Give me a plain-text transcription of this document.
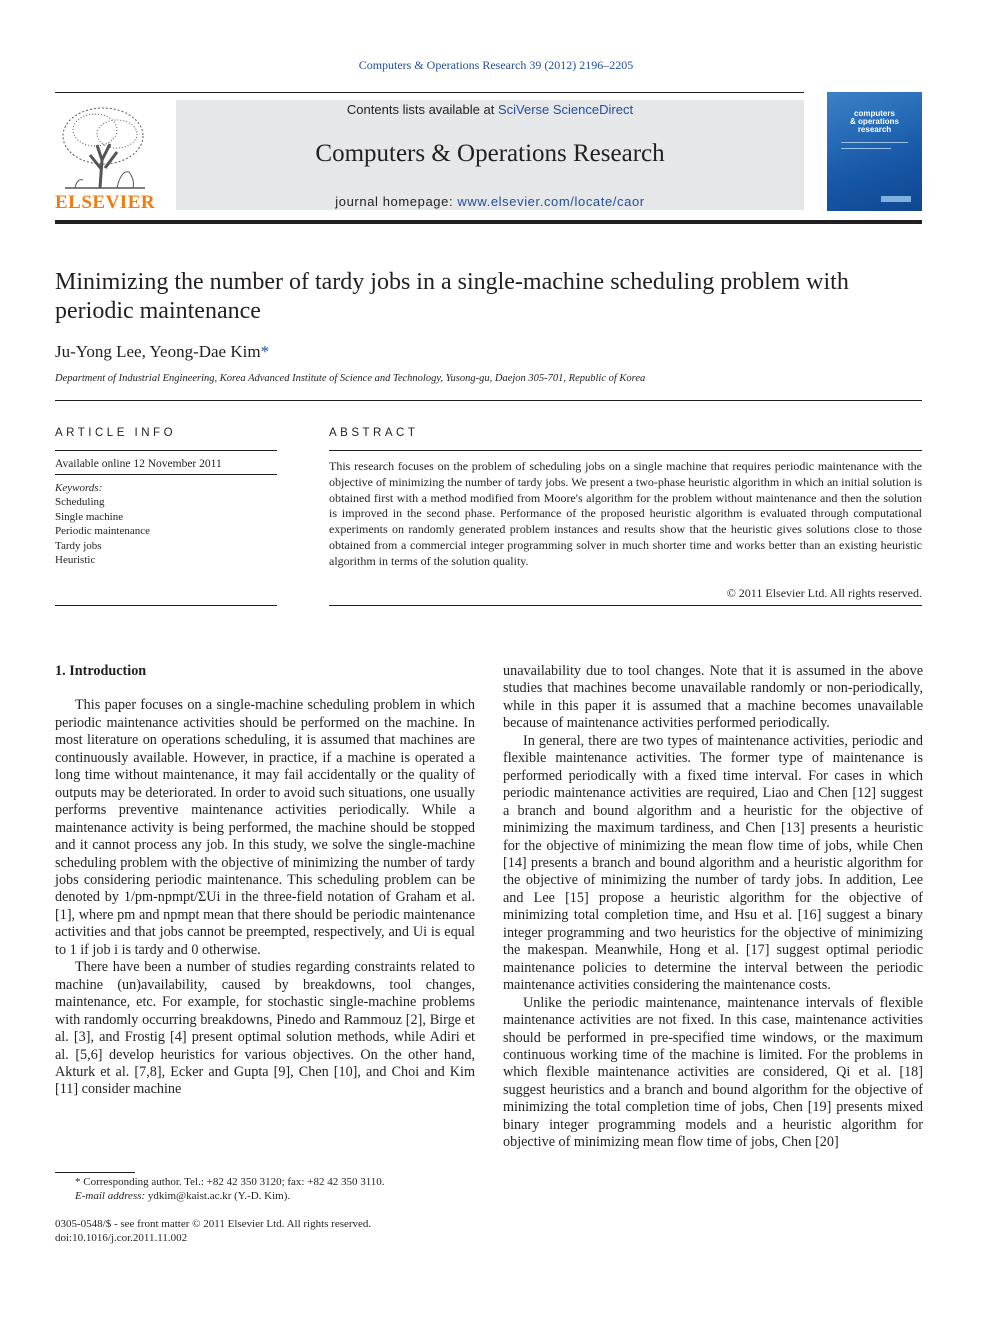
Computers & Operations Research 39 (2012) 2196–2205
ELSEVIER
Contents lists available at SciVerse ScienceDirect
Computers & Operations Research
journal homepage: www.elsevier.com/locate/caor
computers
& operations
research
Minimizing the number of tardy jobs in a single-machine scheduling problem with periodic maintenance
Ju-Yong Lee, Yeong-Dae Kim*
Department of Industrial Engineering, Korea Advanced Institute of Science and Technology, Yusong-gu, Daejon 305-701, Republic of Korea
ARTICLE INFO
Available online 12 November 2011
Keywords:
Scheduling
Single machine
Periodic maintenance
Tardy jobs
Heuristic
ABSTRACT
This research focuses on the problem of scheduling jobs on a single machine that requires periodic maintenance with the objective of minimizing the number of tardy jobs. We present a two-phase heuristic algorithm in which an initial solution is obtained first with a method modified from Moore's algorithm for the problem without maintenance and then the solution is improved in the second phase. Performance of the proposed heuristic algorithm is evaluated through computational experiments on randomly generated problem instances and results show that the heuristic gives solutions close to those obtained from a commercial integer programming solver in much shorter time and works better than an existing heuristic algorithm in terms of the solution quality.
© 2011 Elsevier Ltd. All rights reserved.

1. Introduction

This paper focuses on a single-machine scheduling problem in which periodic maintenance activities should be performed on the machine. In most literature on operations scheduling, it is assumed that machines are continuously available. However, in practice, if a machine is operated a long time without maintenance, it may fail accidentally or the quality of outputs may be deteriorated. In order to avoid such situations, one usually performs preventive maintenance activities periodically. While a maintenance activity is being performed, the machine should be stopped and it cannot process any job. In this study, we solve the single-machine scheduling problem with the objective of minimizing the number of tardy jobs considering periodic maintenance. This scheduling problem can be denoted by 1/pm-npmpt/ΣUi in the three-field notation of Graham et al. [1], where pm and npmpt mean that there should be periodic maintenance activities and that jobs cannot be preempted, respectively, and Ui is equal to 1 if job i is tardy and 0 otherwise.

There have been a number of studies regarding constraints related to machine (un)availability, caused by breakdowns, tool changes, maintenance, etc. For example, for stochastic single-machine problems with randomly occurring breakdowns, Pinedo and Rammouz [2], Birge et al. [3], and Frostig [4] present optimal solution methods, while Adiri et al. [5,6] develop heuristics for various objectives. On the other hand, Akturk et al. [7,8], Ecker and Gupta [9], Chen [10], and Choi and Kim [11] consider machine

unavailability due to tool changes. Note that it is assumed in the above studies that machines become unavailable randomly or non-periodically, while in this paper it is assumed that a machine becomes unavailable because of maintenance activities performed periodically.

In general, there are two types of maintenance activities, periodic and flexible maintenance activities. The former type of maintenance is performed periodically with a fixed time interval. For cases in which periodic maintenance activities are required, Liao and Chen [12] suggest a branch and bound algorithm and a heuristic for the objective of minimizing the maximum tardiness, and Chen [13] presents a heuristic for the objective of minimizing the mean flow time of jobs, while Chen [14] presents a branch and bound algorithm and a heuristic algorithm for the objective of minimizing the number of tardy jobs. In addition, Lee and Lee [15] propose a heuristic algorithm for the objective of minimizing total completion time, and Hsu et al. [16] suggest a binary integer programming and two heuristics for the objective of minimizing the makespan. Meanwhile, Hong et al. [17] suggest optimal periodic maintenance policies to determine the interval between the periodic maintenance activities considering the maintenance costs.

Unlike the periodic maintenance, maintenance intervals of flexible maintenance activities are not fixed. In this case, maintenance activities should be performed in pre-specified time windows, or the maximum continuous working time of the machine is limited. For the problems in which flexible maintenance activities are considered, Qi et al. [18] suggest heuristics and a branch and bound algorithm for the objective of minimizing the total completion time of jobs, Chen [19] presents mixed binary integer programming models and a heuristic algorithm for objective of minimizing mean flow time of jobs, Chen [20]

* Corresponding author. Tel.: +82 42 350 3120; fax: +82 42 350 3110.
E-mail address: ydkim@kaist.ac.kr (Y.-D. Kim).
0305-0548/$ - see front matter © 2011 Elsevier Ltd. All rights reserved.
doi:10.1016/j.cor.2011.11.002
